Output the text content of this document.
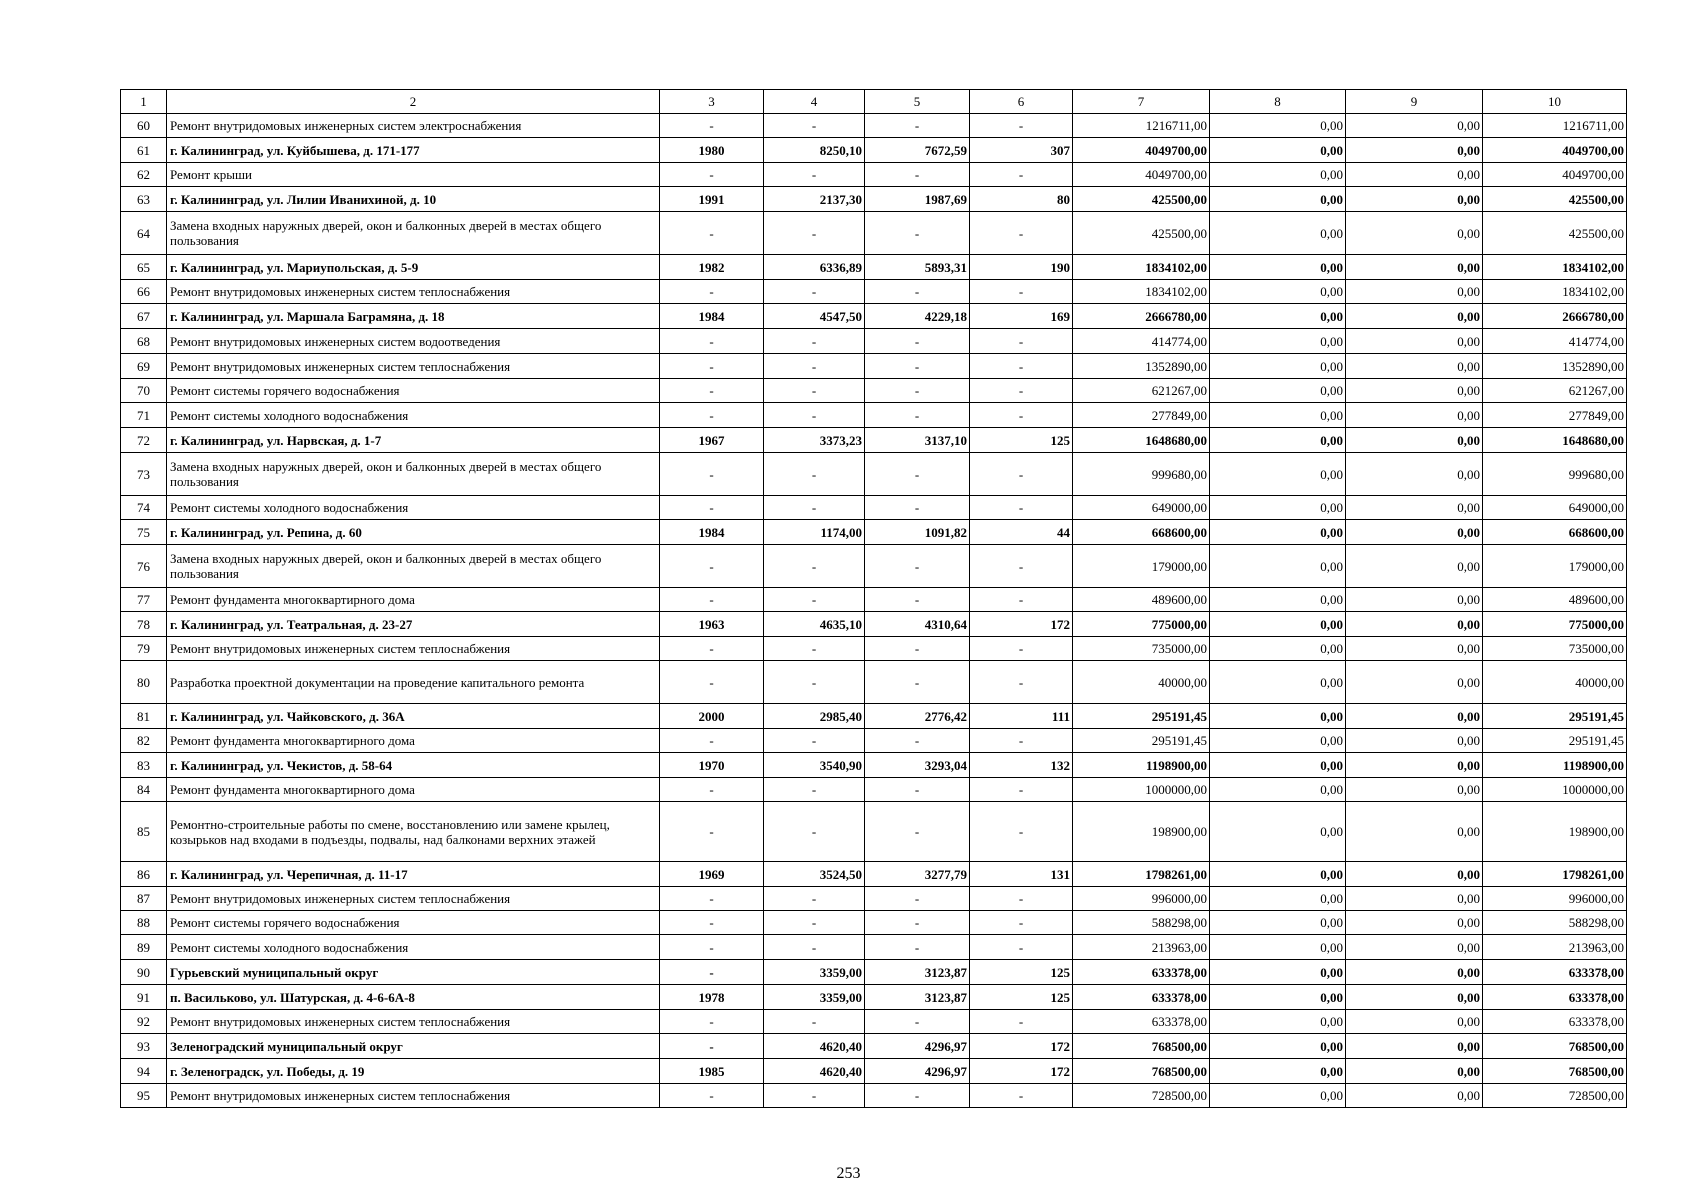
1	2	3	4	5	6	7	8	9	10
60	Ремонт внутридомовых инженерных систем электроснабжения	-	-	-	-	1216711,00	0,00	0,00	1216711,00
61	г. Калининград, ул. Куйбышева, д. 171-177	1980	8250,10	7672,59	307	4049700,00	0,00	0,00	4049700,00
62	Ремонт крыши	-	-	-	-	4049700,00	0,00	0,00	4049700,00
63	г. Калининград, ул. Лилии Иванихиной, д. 10	1991	2137,30	1987,69	80	425500,00	0,00	0,00	425500,00
64	Замена входных наружных дверей, окон и балконных дверей в местах общего пользования	-	-	-	-	425500,00	0,00	0,00	425500,00
65	г. Калининград, ул. Мариупольская, д. 5-9	1982	6336,89	5893,31	190	1834102,00	0,00	0,00	1834102,00
66	Ремонт внутридомовых инженерных систем теплоснабжения	-	-	-	-	1834102,00	0,00	0,00	1834102,00
67	г. Калининград, ул. Маршала Баграмяна, д. 18	1984	4547,50	4229,18	169	2666780,00	0,00	0,00	2666780,00
68	Ремонт внутридомовых инженерных систем водоотведения	-	-	-	-	414774,00	0,00	0,00	414774,00
69	Ремонт внутридомовых инженерных систем теплоснабжения	-	-	-	-	1352890,00	0,00	0,00	1352890,00
70	Ремонт системы горячего водоснабжения	-	-	-	-	621267,00	0,00	0,00	621267,00
71	Ремонт системы холодного водоснабжения	-	-	-	-	277849,00	0,00	0,00	277849,00
72	г. Калининград, ул. Нарвская, д. 1-7	1967	3373,23	3137,10	125	1648680,00	0,00	0,00	1648680,00
73	Замена входных наружных дверей, окон и балконных дверей в местах общего пользования	-	-	-	-	999680,00	0,00	0,00	999680,00
74	Ремонт системы холодного водоснабжения	-	-	-	-	649000,00	0,00	0,00	649000,00
75	г. Калининград, ул. Репина, д. 60	1984	1174,00	1091,82	44	668600,00	0,00	0,00	668600,00
76	Замена входных наружных дверей, окон и балконных дверей в местах общего пользования	-	-	-	-	179000,00	0,00	0,00	179000,00
77	Ремонт фундамента многоквартирного дома	-	-	-	-	489600,00	0,00	0,00	489600,00
78	г. Калининград, ул. Театральная, д. 23-27	1963	4635,10	4310,64	172	775000,00	0,00	0,00	775000,00
79	Ремонт внутридомовых инженерных систем теплоснабжения	-	-	-	-	735000,00	0,00	0,00	735000,00
80	Разработка проектной документации на проведение капитального ремонта	-	-	-	-	40000,00	0,00	0,00	40000,00
81	г. Калининград, ул. Чайковского, д. 36А	2000	2985,40	2776,42	111	295191,45	0,00	0,00	295191,45
82	Ремонт фундамента многоквартирного дома	-	-	-	-	295191,45	0,00	0,00	295191,45
83	г. Калининград, ул. Чекистов, д. 58-64	1970	3540,90	3293,04	132	1198900,00	0,00	0,00	1198900,00
84	Ремонт фундамента многоквартирного дома	-	-	-	-	1000000,00	0,00	0,00	1000000,00
85	Ремонтно-строительные работы по смене, восстановлению или замене крылец, козырьков над входами в подъезды, подвалы, над балконами верхних этажей	-	-	-	-	198900,00	0,00	0,00	198900,00
86	г. Калининград, ул. Черепичная, д. 11-17	1969	3524,50	3277,79	131	1798261,00	0,00	0,00	1798261,00
87	Ремонт внутридомовых инженерных систем теплоснабжения	-	-	-	-	996000,00	0,00	0,00	996000,00
88	Ремонт системы горячего водоснабжения	-	-	-	-	588298,00	0,00	0,00	588298,00
89	Ремонт системы холодного водоснабжения	-	-	-	-	213963,00	0,00	0,00	213963,00
90	Гурьевский муниципальный округ	-	3359,00	3123,87	125	633378,00	0,00	0,00	633378,00
91	п. Васильково, ул. Шатурская, д. 4-6-6А-8	1978	3359,00	3123,87	125	633378,00	0,00	0,00	633378,00
92	Ремонт внутридомовых инженерных систем теплоснабжения	-	-	-	-	633378,00	0,00	0,00	633378,00
93	Зеленоградский муниципальный округ	-	4620,40	4296,97	172	768500,00	0,00	0,00	768500,00
94	г. Зеленоградск, ул. Победы, д. 19	1985	4620,40	4296,97	172	768500,00	0,00	0,00	768500,00
95	Ремонт внутридомовых инженерных систем теплоснабжения	-	-	-	-	728500,00	0,00	0,00	728500,00
253
